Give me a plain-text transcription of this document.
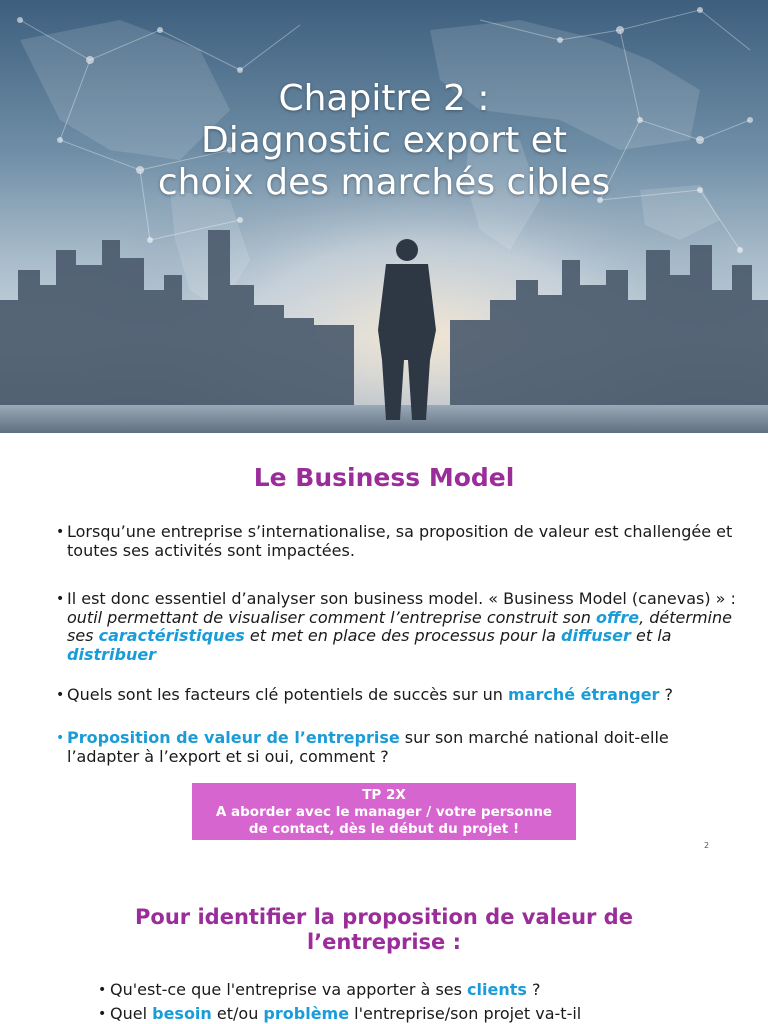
Chapitre 2 :
Diagnostic export et
choix des marchés cibles
Le Business Model
• Lorsqu’une entreprise s’internationalise, sa proposition de valeur est challengée et toutes ses activités sont impactées.
• Il est donc essentiel d’analyser son business model. « Business Model (canevas) » : outil permettant de visualiser comment l’entreprise construit son offre, détermine ses caractéristiques et met en place des processus pour la diffuser et la distribuer
• Quels sont les facteurs clé potentiels de succès sur un marché étranger ?
• Proposition de valeur de l’entreprise sur son marché national doit-elle l’adapter à l’export et si oui, comment ?
TP 2X
A aborder avec le manager / votre personne
de contact, dès le début du projet !
2
Pour identifier la proposition de valeur de
l’entreprise :
• Qu'est-ce que l'entreprise va apporter à ses clients ?
• Quel besoin et/ou problème l'entreprise/son projet va-t-il
